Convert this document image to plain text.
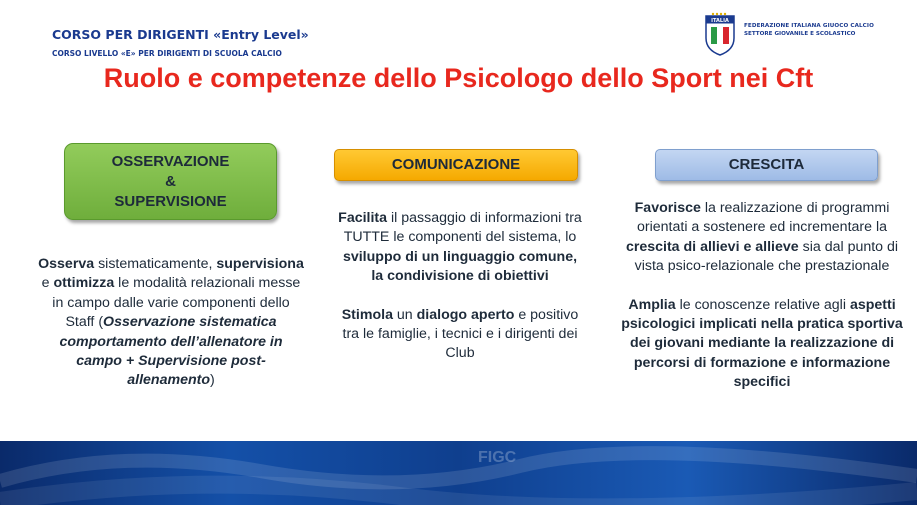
CORSO PER DIRIGENTI «Entry Level»
CORSO LIVELLO «E» PER DIRIGENTI DI SCUOLA CALCIO
ITALIA
FEDERAZIONE ITALIANA GIUOCO CALCIO
SETTORE GIOVANILE E SCOLASTICO
Ruolo e competenze dello Psicologo dello Sport nei Cft
OSSERVAZIONE
&
SUPERVISIONE
COMUNICAZIONE	CRESCITA
Osserva sistematicamente, supervisiona e ottimizza le modalità relazionali messe in campo dalle varie componenti dello Staff (Osservazione sistematica comportamento dell’allenatore in campo + Supervisione post-allenamento)
Facilita il passaggio di informazioni tra TUTTE le componenti del sistema, lo sviluppo di un linguaggio comune, la condivisione di obiettivi
Stimola un dialogo aperto e positivo tra le famiglie, i tecnici e i dirigenti dei Club
Favorisce la realizzazione di programmi orientati a sostenere ed incrementare la crescita di allievi e allieve sia dal punto di vista psico-relazionale che prestazionale
Amplia le conoscenze relative agli aspetti psicologici implicati nella pratica sportiva dei giovani mediante la realizzazione di percorsi di formazione e informazione specifici
FIGC
